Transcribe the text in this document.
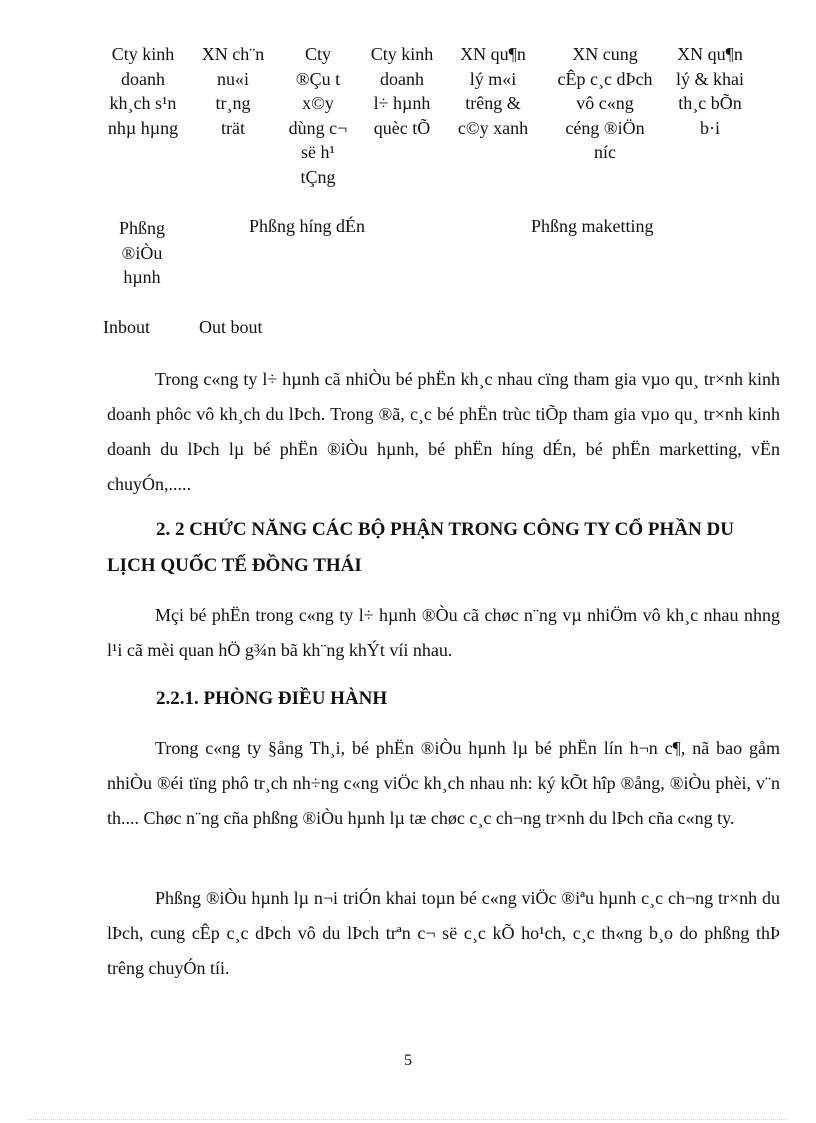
Cty kinh
doanh
kh¸ch s¹n
nhµ hµng
XN ch¨n
nu«i
tr¸ng
trät
Cty
®Çu t
x©y
dùng c¬
së h¹
tÇng
Cty kinh
doanh
l÷ hµnh
quèc tÕ
XN qu¶n
lý m«i
trêng &
c©y xanh
XN cung
cÊp c¸c dÞch
vô c«ng
céng ®iÖn
níc
XN qu¶n
lý & khai
th¸c bÕn
b·i
Phßng
®iÒu
hµnh
Phßng híng dÉn	Phßng maketting
Inbout	Out bout

Trong c«ng ty l÷ hµnh cã nhiÒu bé phËn kh¸c nhau cïng tham gia vµo qu¸ tr×nh kinh doanh phôc vô kh¸ch du lÞch. Trong ®ã, c¸c bé phËn trùc tiÕp tham gia vµo qu¸ tr×nh kinh doanh du lÞch lµ bé phËn ®iÒu hµnh, bé phËn híng dÉn, bé phËn marketting, vËn chuyÓn,.....

2. 2 CHỨC NĂNG CÁC BỘ PHẬN TRONG CÔNG TY CỔ PHẦN DU

LỊCH QUỐC TẾ ĐỒNG THÁI

Mçi bé phËn trong c«ng ty l÷ hµnh ®Òu cã chøc n¨ng vµ nhiÖm vô kh¸c nhau nhng l¹i cã mèi quan hÖ g¾n bã kh¨ng khÝt víi nhau.

2.2.1. PHÒNG ĐIỀU HÀNH

Trong c«ng ty §ång Th¸i, bé phËn ®iÒu hµnh lµ bé phËn lín h¬n c¶, nã bao gåm nhiÒu ®éi tïng phô tr¸ch nh÷ng c«ng viÖc kh¸ch nhau nh: ký kÕt hîp ®ång, ®iÒu phèi, v¨n th.... Chøc n¨ng cña phßng ®iÒu hµnh lµ tæ chøc c¸c ch¬ng tr×nh du lÞch cña c«ng ty.

Phßng ®iÒu hµnh lµ n¬i triÓn khai toµn bé c«ng viÖc ®iªu hµnh c¸c ch¬ng tr×nh du lÞch, cung cÊp c¸c dÞch vô du lÞch trªn c¬ së c¸c kÕ ho¹ch, c¸c th«ng b¸o do phßng thÞ trêng chuyÓn tíi.

5
